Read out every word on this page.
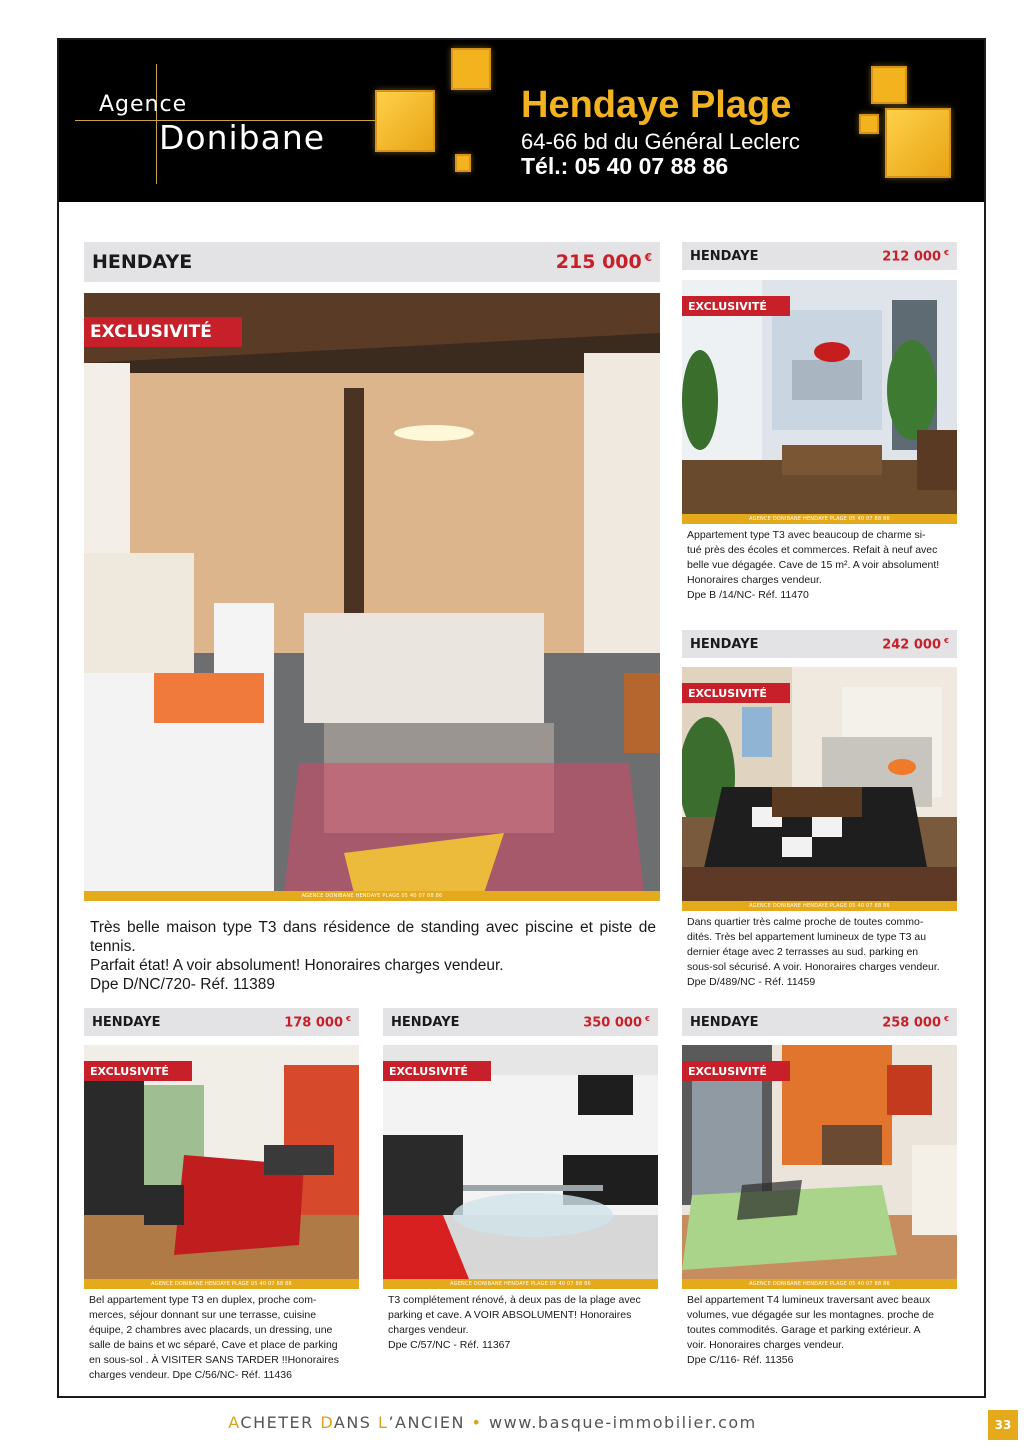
Agence
Donibane
Hendaye Plage
64-66 bd du Général Leclerc
Tél.: 05 40 07 88 86
HENDAYE	215 000 €
EXCLUSIVITÉ
AGENCE DONIBANE HENDAYE PLAGE 05 40 07 88 86
Très belle maison type T3 dans résidence de standing avec piscine et piste de tennis.
Parfait état! A voir absolument! Honoraires charges vendeur.
Dpe D/NC/720- Réf. 11389
HENDAYE	212 000 €
EXCLUSIVITÉ
AGENCE DONIBANE HENDAYE PLAGE 05 40 07 88 86
Appartement type T3 avec beaucoup de charme si-
tué près des écoles et commerces. Refait à neuf avec
belle vue dégagée. Cave de 15 m². A voir absolument!
Honoraires charges vendeur.
Dpe B /14/NC- Réf. 11470
HENDAYE	242 000 €
EXCLUSIVITÉ
AGENCE DONIBANE HENDAYE PLAGE 05 40 07 88 86
Dans quartier très calme proche de toutes commo-
dités. Très bel appartement lumineux de type T3 au
dernier étage avec 2 terrasses au sud. parking en
sous-sol sécurisé. A voir. Honoraires charges vendeur.
Dpe D/489/NC - Réf. 11459
HENDAYE	178 000 €
EXCLUSIVITÉ
AGENCE DONIBANE HENDAYE PLAGE 05 40 07 88 86
Bel appartement type T3 en duplex, proche com-
merces, séjour donnant sur une terrasse, cuisine
équipe, 2 chambres avec placards, un dressing, une
salle de bains et wc séparé, Cave et place de parking
en sous-sol . À VISITER SANS TARDER !!Honoraires
charges vendeur. Dpe C/56/NC- Réf. 11436
HENDAYE	350 000 €
EXCLUSIVITÉ
AGENCE DONIBANE HENDAYE PLAGE 05 40 07 88 86
T3 complétement rénové, à deux pas de la plage avec
parking et cave. A VOIR ABSOLUMENT! Honoraires
charges vendeur.
Dpe C/57/NC - Réf. 11367
HENDAYE	258 000 €
EXCLUSIVITÉ
AGENCE DONIBANE HENDAYE PLAGE 05 40 07 88 86
Bel appartement T4 lumineux traversant avec beaux
volumes, vue dégagée sur les montagnes. proche de
toutes commodités. Garage et parking extérieur. A
voir. Honoraires charges vendeur.
Dpe C/116- Réf. 11356
ACHETER DANS L’ANCIEN • www.basque-immobilier.com	33
